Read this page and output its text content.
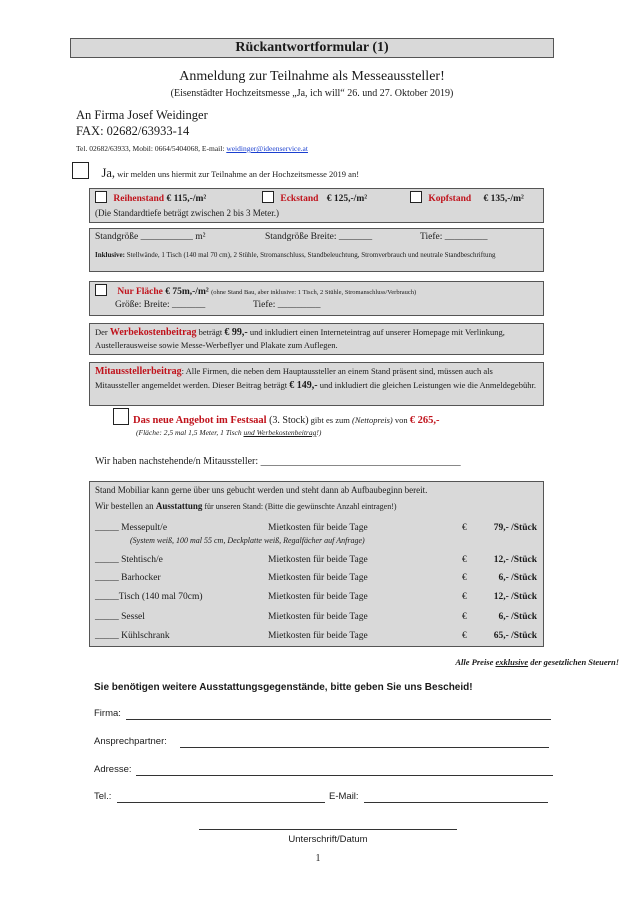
Rückantwortformular (1)
Anmeldung zur Teilnahme als Messeaussteller!
(Eisenstädter Hochzeitsmesse „Ja, ich will“ 26. und 27. Oktober 2019)
An Firma Josef Weidinger
FAX: 02682/63933-14
Tel. 02682/63933, Mobil: 0664/5404068, E-mail: weidinger@ideenservice.at
Ja, wir melden uns hiermit zur Teilnahme an der Hochzeitsmesse 2019 an!
Reihenstand € 115,-/m²	Eckstand € 125,-/m²	Kopfstand € 135,-/m²
(Die Standardtiefe beträgt zwischen 2 bis 3 Meter.)
Standgröße ___________ m²	Standgröße Breite: _______	Tiefe: _________
Inklusive: Stellwände, 1 Tisch (140 mal 70 cm), 2 Stühle, Stromanschluss, Standbeleuchtung, Stromverbrauch und neutrale Standbeschriftung
Nur Fläche € 75m,-/m² (ohne Stand Bau, aber inklusive: 1 Tisch, 2 Stühle, Stromanschluss/Verbrauch)
Größe: Breite: _______	Tiefe: _________
Der Werbekostenbeitrag beträgt € 99,- und inkludiert einen Interneteintrag auf unserer Homepage mit Verlinkung, Austellerausweise sowie Messe-Werbeflyer und Plakate zum Auflegen.
Mitausstellerbeitrag: Alle Firmen, die neben dem Hauptaussteller an einem Stand präsent sind, müssen auch als Mitaussteller angemeldet werden. Dieser Beitrag beträgt € 149,- und inkludiert die gleichen Leistungen wie die Anmeldegebühr.
Das neue Angebot im Festsaal (3. Stock) gibt es zum (Nettopreis) von € 265,-
(Fläche: 2,5 mal 1,5 Meter, 1 Tisch und Werbekostenbeitrag!)
Wir haben nachstehende/n Mitaussteller: ________________________________________
Stand Mobiliar kann gerne über uns gebucht werden und steht dann ab Aufbaubeginn bereit.
Wir bestellen an Ausstattung für unseren Stand: (Bitte die gewünschte Anzahl eintragen!)
_____ Messepult/e	Mietkosten für beide Tage	€	79,- /Stück
(System weiß, 100 mal 55 cm, Deckplatte weiß, Regalfächer auf Anfrage)
_____ Stehtisch/e	Mietkosten für beide Tage	€	12,- /Stück
_____ Barhocker	Mietkosten für beide Tage	€	6,- /Stück
_____Tisch (140 mal 70cm)	Mietkosten für beide Tage	€	12,- /Stück
_____ Sessel	Mietkosten für beide Tage	€	6,- /Stück
_____ Kühlschrank	Mietkosten für beide Tage	€	65,- /Stück
Alle Preise exklusive der gesetzlichen Steuern!
Sie benötigen weitere Ausstattungsgegenstände, bitte geben Sie uns Bescheid!
Firma:
Ansprechpartner:
Adresse:
Tel.:	E-Mail:
Unterschrift/Datum
1
